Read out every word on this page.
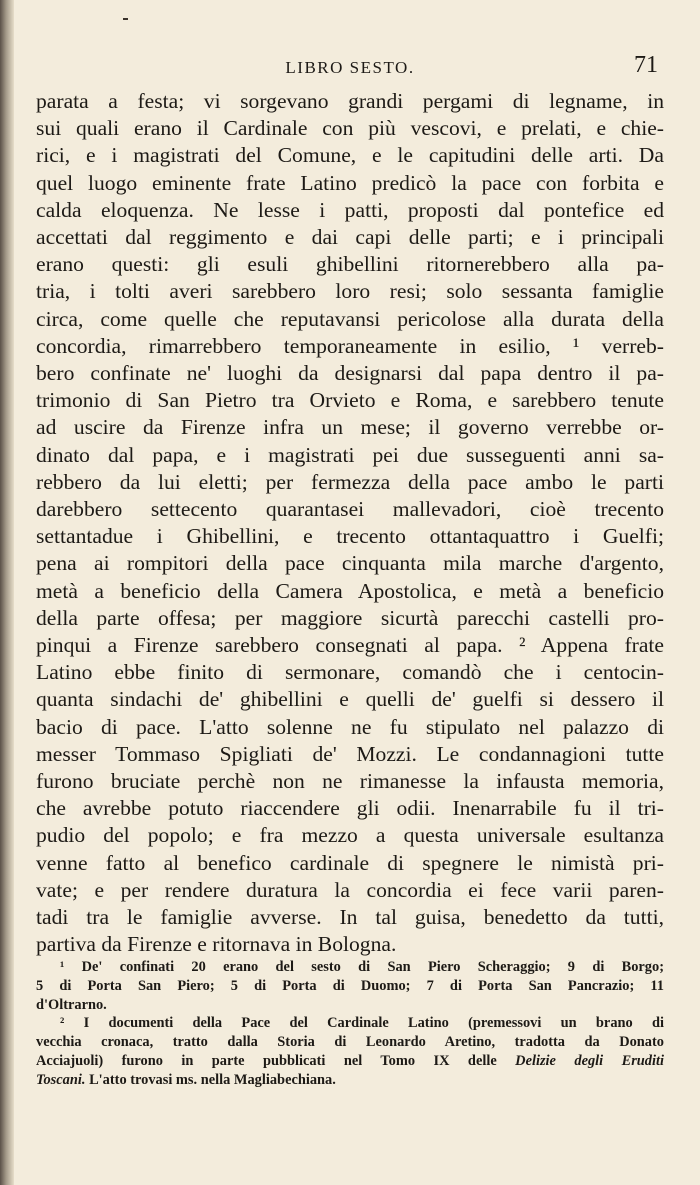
LIBRO SESTO.	71
parata a festa; vi sorgevano grandi pergami di legname, in
sui quali erano il Cardinale con più vescovi, e prelati, e chie-
rici, e i magistrati del Comune, e le capitudini delle arti. Da
quel luogo eminente frate Latino predicò la pace con forbita e
calda eloquenza. Ne lesse i patti, proposti dal pontefice ed
accettati dal reggimento e dai capi delle parti; e i principali
erano questi: gli esuli ghibellini ritornerebbero alla pa-
tria, i tolti averi sarebbero loro resi; solo sessanta famiglie
circa, come quelle che reputavansi pericolose alla durata della
concordia, rimarrebbero temporaneamente in esilio, ¹ verreb-
bero confinate ne' luoghi da designarsi dal papa dentro il pa-
trimonio di San Pietro tra Orvieto e Roma, e sarebbero tenute
ad uscire da Firenze infra un mese; il governo verrebbe or-
dinato dal papa, e i magistrati pei due susseguenti anni sa-
rebbero da lui eletti; per fermezza della pace ambo le parti
darebbero settecento quarantasei mallevadori, cioè trecento
settantadue i Ghibellini, e trecento ottantaquattro i Guelfi;
pena ai rompitori della pace cinquanta mila marche d'argento,
metà a beneficio della Camera Apostolica, e metà a beneficio
della parte offesa; per maggiore sicurtà parecchi castelli pro-
pinqui a Firenze sarebbero consegnati al papa. ² Appena frate
Latino ebbe finito di sermonare, comandò che i centocin-
quanta sindachi de' ghibellini e quelli de' guelfi si dessero il
bacio di pace. L'atto solenne ne fu stipulato nel palazzo di
messer Tommaso Spigliati de' Mozzi. Le condannagioni tutte
furono bruciate perchè non ne rimanesse la infausta memoria,
che avrebbe potuto riaccendere gli odii. Inenarrabile fu il tri-
pudio del popolo; e fra mezzo a questa universale esultanza
venne fatto al benefico cardinale di spegnere le nimistà pri-
vate; e per rendere duratura la concordia ei fece varii paren-
tadi tra le famiglie avverse. In tal guisa, benedetto da tutti,
partiva da Firenze e ritornava in Bologna.
¹ De' confinati 20 erano del sesto di San Piero Scheraggio; 9 di Borgo;
5 di Porta San Piero; 5 di Porta di Duomo; 7 di Porta San Pancrazio; 11
d'Oltrarno.
² I documenti della Pace del Cardinale Latino (premessovi un brano di
vecchia cronaca, tratto dalla Storia di Leonardo Aretino, tradotta da Donato
Acciajuoli) furono in parte pubblicati nel Tomo IX delle Delizie degli Eruditi
Toscani. L'atto trovasi ms. nella Magliabechiana.
